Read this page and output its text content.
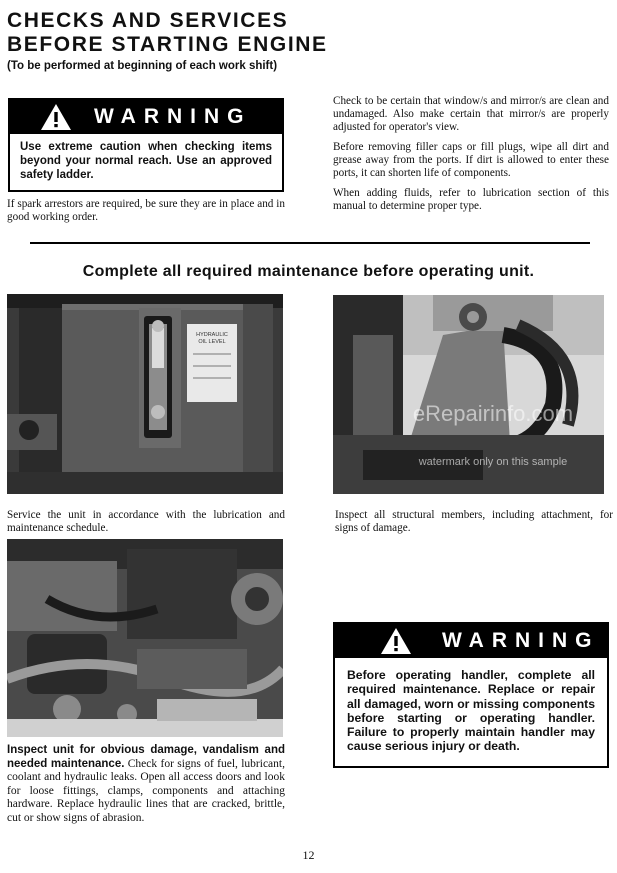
CHECKS AND SERVICES
BEFORE STARTING ENGINE
(To be performed at beginning of each work shift)
WARNING
Use extreme caution when checking items beyond your normal reach. Use an approved safety ladder.
If spark arrestors are required, be sure they are in place and in good working order.

Check to be certain that window/s and mirror/s are clean and undamaged. Also make certain that mirror/s are properly adjusted for operator's view.

Before removing filler caps or fill plugs, wipe all dirt and grease away from the ports. If dirt is allowed to enter these ports, it can shorten life of components.

When adding fluids, refer to lubrication section of this manual to determine proper type.

Complete all required maintenance before operating unit.
HYDRAULIC
OIL LEVEL
eRepairinfo.com
watermark only on this sample
Service the unit in accordance with the lubrication and maintenance schedule.
Inspect all structural members, including attachment, for signs of damage.
Inspect unit for obvious damage, vandalism and needed maintenance. Check for signs of fuel, lubricant, coolant and hydraulic leaks. Open all access doors and look for loose fittings, clamps, components and attaching hardware. Replace hydraulic lines that are cracked, brittle, cut or show signs of abrasion.
WARNING
Before operating handler, complete all required maintenance. Replace or repair all damaged, worn or missing components before starting or operating handler. Failure to properly maintain handler may cause serious injury or death.
12
